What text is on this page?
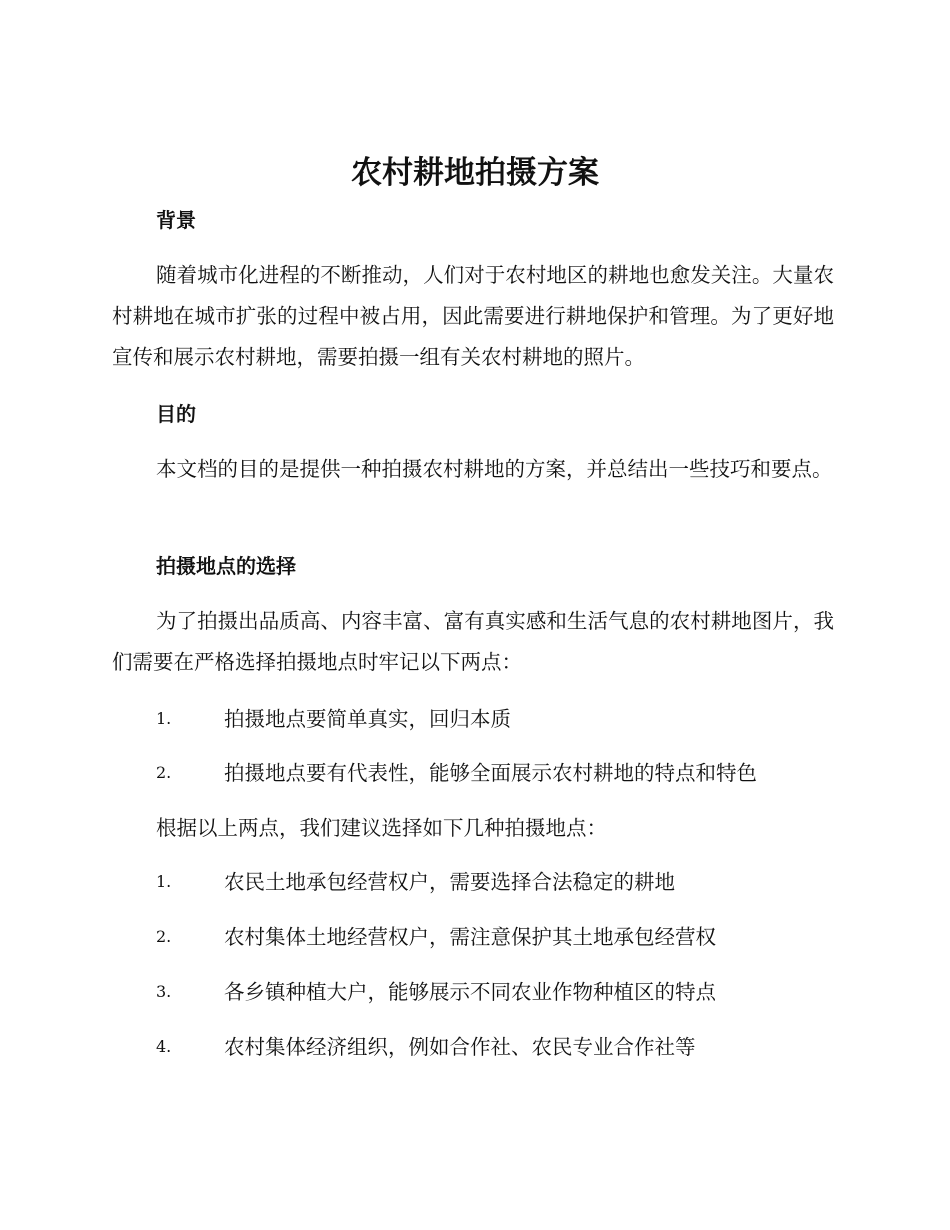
农村耕地拍摄方案
背景

随着城市化进程的不断推动，人们对于农村地区的耕地也愈发关注。大量农村耕地在城市扩张的过程中被占用，因此需要进行耕地保护和管理。为了更好地宣传和展示农村耕地，需要拍摄一组有关农村耕地的照片。

目的

本文档的目的是提供一种拍摄农村耕地的方案，并总结出一些技巧和要点。

拍摄地点的选择

为了拍摄出品质高、内容丰富、富有真实感和生活气息的农村耕地图片，我们需要在严格选择拍摄地点时牢记以下两点：

1.	拍摄地点要简单真实，回归本质
2.	拍摄地点要有代表性，能够全面展示农村耕地的特点和特色

根据以上两点，我们建议选择如下几种拍摄地点：

1.	农民土地承包经营权户，需要选择合法稳定的耕地
2.	农村集体土地经营权户，需注意保护其土地承包经营权
3.	各乡镇种植大户，能够展示不同农业作物种植区的特点
4.	农村集体经济组织，例如合作社、农民专业合作社等
